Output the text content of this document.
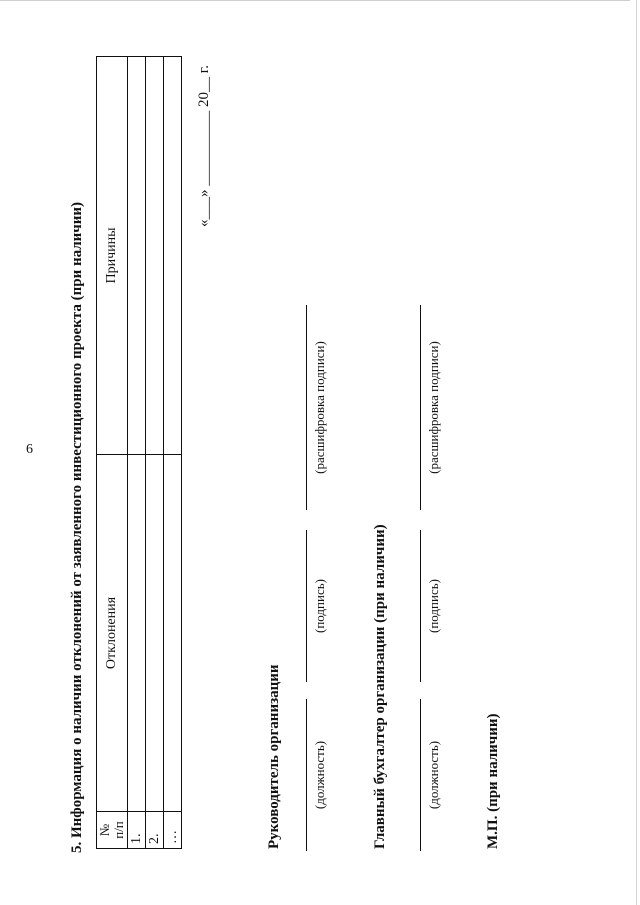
6 5. Информация о наличии отклонений от заявленного инвестиционного проекта (при наличии) №
п/п	Отклонения	Причины
1.		
2.		
…		
«___» __________ 20__ г.
Руководитель организации (должность)
(подпись)
(расшифровка подписи)
Главный бухгалтер организации (при наличии)	(должность)
(подпись)
(расшифровка подписи)
М.П. (при наличии)
